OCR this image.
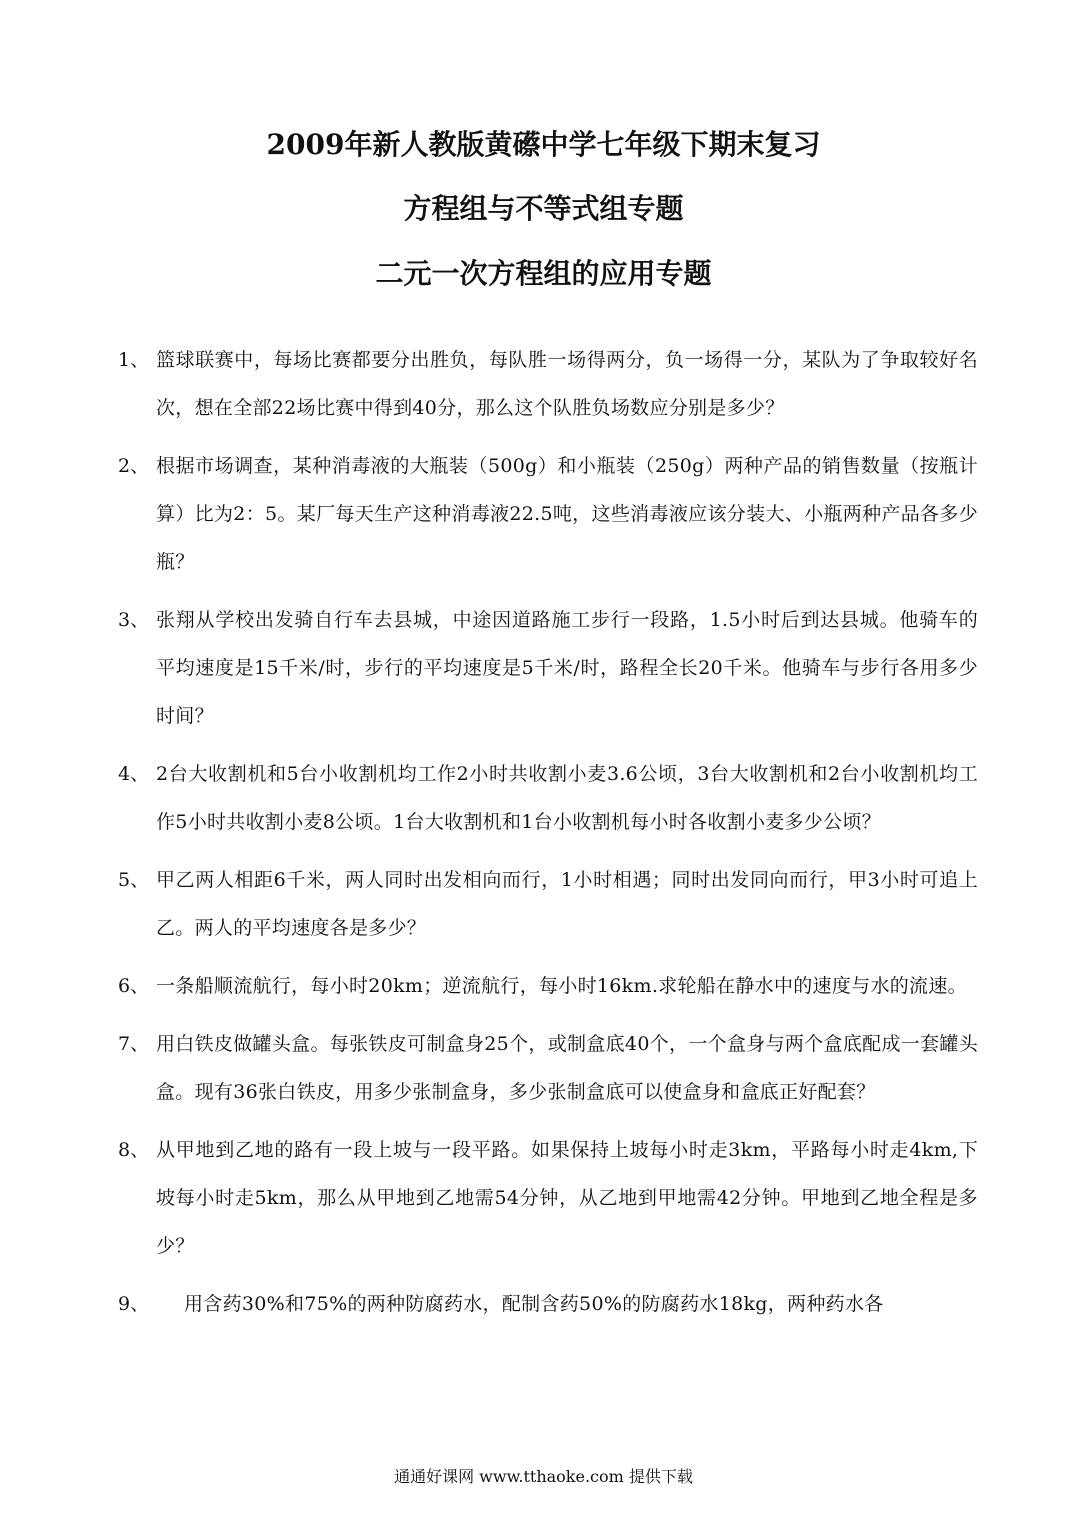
2009年新人教版黄礤中学七年级下期末复习

方程组与不等式组专题

二元一次方程组的应用专题

1、 篮球联赛中，每场比赛都要分出胜负，每队胜一场得两分，负一场得一分，某队为了争取较好名次，想在全部22场比赛中得到40分，那么这个队胜负场数应分别是多少？
2、 根据市场调查，某种消毒液的大瓶装（500g）和小瓶装（250g）两种产品的销售数量（按瓶计算）比为2：5。某厂每天生产这种消毒液22.5吨，这些消毒液应该分装大、小瓶两种产品各多少瓶？
3、 张翔从学校出发骑自行车去县城，中途因道路施工步行一段路，1.5小时后到达县城。他骑车的平均速度是15千米/时，步行的平均速度是5千米/时，路程全长20千米。他骑车与步行各用多少时间？
4、 2台大收割机和5台小收割机均工作2小时共收割小麦3.6公顷，3台大收割机和2台小收割机均工作5小时共收割小麦8公顷。1台大收割机和1台小收割机每小时各收割小麦多少公顷？
5、 甲乙两人相距6千米，两人同时出发相向而行，1小时相遇；同时出发同向而行，甲3小时可追上乙。两人的平均速度各是多少？
6、 一条船顺流航行，每小时20km；逆流航行，每小时16km.求轮船在静水中的速度与水的流速。
7、 用白铁皮做罐头盒。每张铁皮可制盒身25个，或制盒底40个，一个盒身与两个盒底配成一套罐头盒。现有36张白铁皮，用多少张制盒身，多少张制盒底可以使盒身和盒底正好配套？
8、 从甲地到乙地的路有一段上坡与一段平路。如果保持上坡每小时走3km，平路每小时走4km,下坡每小时走5km，那么从甲地到乙地需54分钟，从乙地到甲地需42分钟。甲地到乙地全程是多少？
9、	用含药30%和75%的两种防腐药水，配制含药50%的防腐药水18kg，两种药水各
通通好课网 www.tthaoke.com 提供下载
